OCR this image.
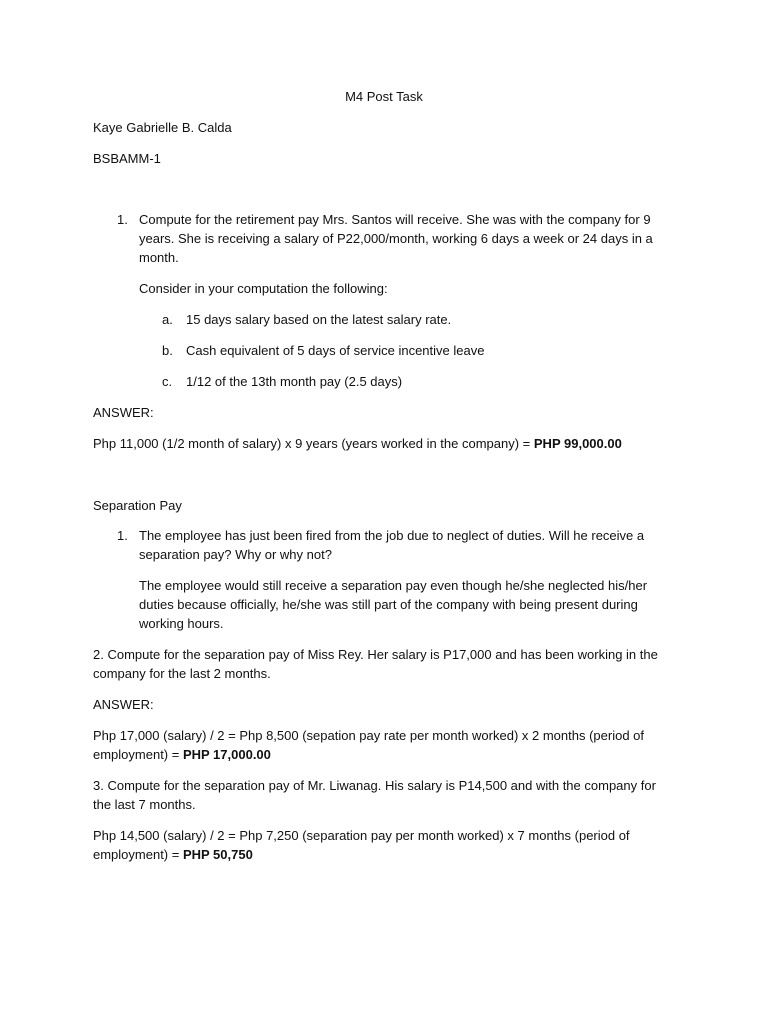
M4 Post Task
Kaye Gabrielle B. Calda
BSBAMM-1
1. Compute for the retirement pay Mrs. Santos will receive. She was with the company for 9
years. She is receiving a salary of P22,000/month, working 6 days a week or 24 days in a
month.
Consider in your computation the following:
a. 15 days salary based on the latest salary rate.
b. Cash equivalent of 5 days of service incentive leave
c. 1/12 of the 13th month pay (2.5 days)
ANSWER:
Php 11,000 (1/2 month of salary) x 9 years (years worked in the company) = PHP 99,000.00
Separation Pay
1. The employee has just been fired from the job due to neglect of duties. Will he receive a
separation pay? Why or why not?
The employee would still receive a separation pay even though he/she neglected his/her
duties because officially, he/she was still part of the company with being present during
working hours.
2. Compute for the separation pay of Miss Rey. Her salary is P17,000 and has been working in the
company for the last 2 months.
ANSWER:
Php 17,000 (salary) / 2 = Php 8,500 (sepation pay rate per month worked) x 2 months (period of
employment) = PHP 17,000.00
3. Compute for the separation pay of Mr. Liwanag. His salary is P14,500 and with the company for
the last 7 months.
Php 14,500 (salary) / 2 = Php 7,250 (separation pay per month worked) x 7 months (period of
employment) = PHP 50,750
